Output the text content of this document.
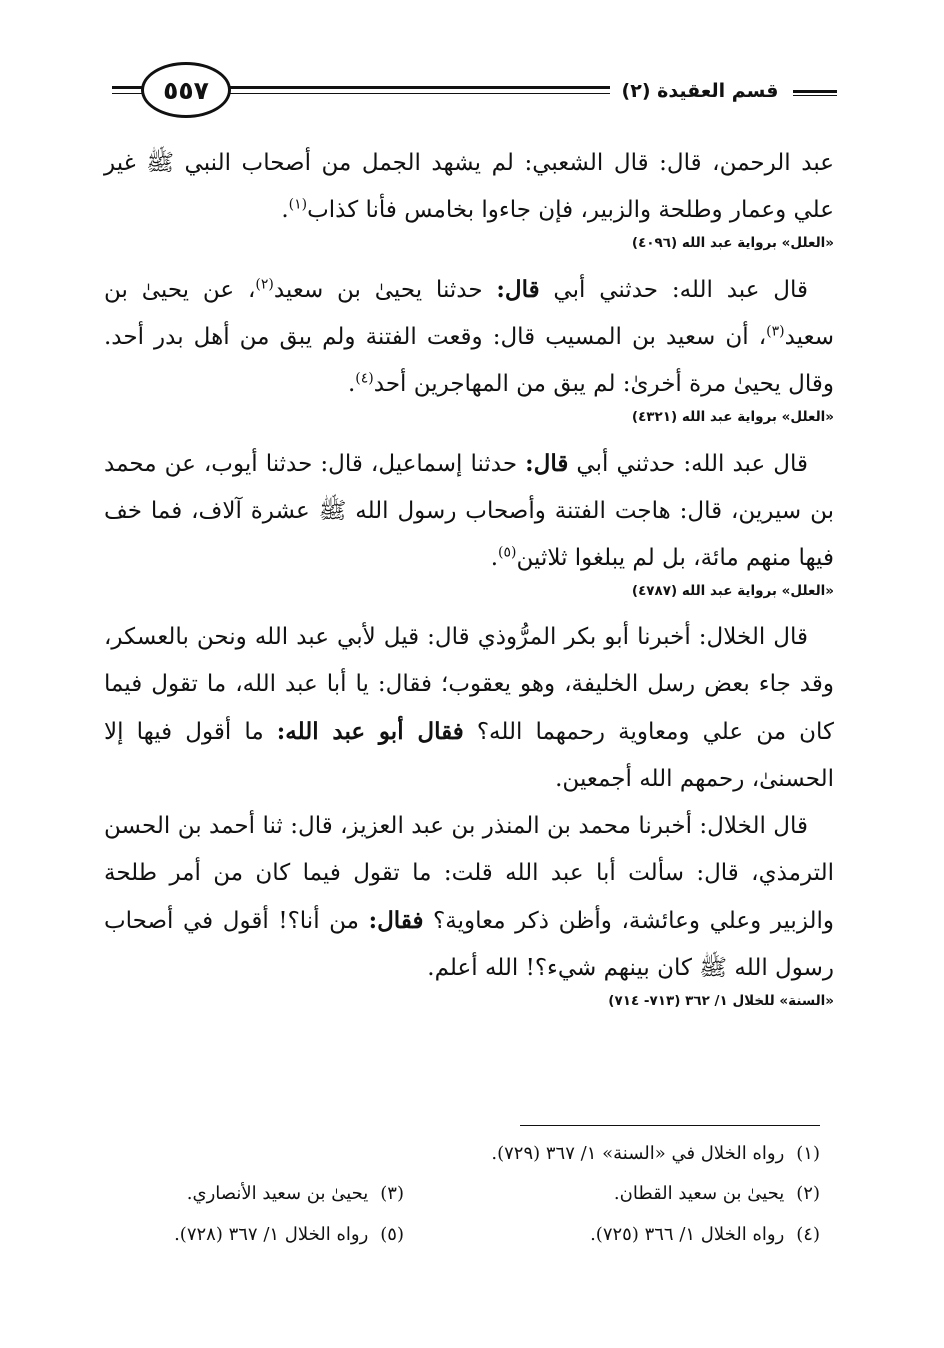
قسم العقيدة (٢)
٥٥٧

عبد الرحمن، قال: قال الشعبي: لم يشهد الجمل من أصحاب النبي ﷺ غير علي وعمار وطلحة والزبير، فإن جاءوا بخامس فأنا كذاب$^{(١)}$.

«العلل» برواية عبد الله (٤٠٩٦)

قال عبد الله: حدثني أبي قال: حدثنا يحيىٰ بن سعيد$^{(٢)}$، عن يحيىٰ بن سعيد$^{(٣)}$، أن سعيد بن المسيب قال: وقعت الفتنة ولم يبق من أهل بدر أحد. وقال يحيىٰ مرة أخرىٰ: لم يبق من المهاجرين أحد$^{(٤)}$.

«العلل» برواية عبد الله (٤٣٢١)

قال عبد الله: حدثني أبي قال: حدثنا إسماعيل، قال: حدثنا أيوب، عن محمد بن سيرين، قال: هاجت الفتنة وأصحاب رسول الله ﷺ عشرة آلاف، فما خف فيها منهم مائة، بل لم يبلغوا ثلاثين$^{(٥)}$.

«العلل» برواية عبد الله (٤٧٨٧)

قال الخلال: أخبرنا أبو بكر المرُّوذي قال: قيل لأبي عبد الله ونحن بالعسكر، وقد جاء بعض رسل الخليفة، وهو يعقوب؛ فقال: يا أبا عبد الله، ما تقول فيما كان من علي ومعاوية رحمهما الله؟ فقال أبو عبد الله: ما أقول فيها إلا الحسنىٰ، رحمهم الله أجمعين.

قال الخلال: أخبرنا محمد بن المنذر بن عبد العزيز، قال: ثنا أحمد بن الحسن الترمذي، قال: سألت أبا عبد الله قلت: ما تقول فيما كان من أمر طلحة والزبير وعلي وعائشة، وأظن ذكر معاوية؟ فقال: من أنا؟! أقول في أصحاب رسول الله ﷺ كان بينهم شيء؟! الله أعلم.

«السنة» للخلال ١/ ٣٦٢ (٧١٣- ٧١٤)
(١)رواه الخلال في «السنة» ١/ ٣٦٧ (٧٢٩).
(٢)يحيىٰ بن سعيد القطان.
(٣)يحيىٰ بن سعيد الأنصاري.
(٤)رواه الخلال ١/ ٣٦٦ (٧٢٥).
(٥)رواه الخلال ١/ ٣٦٧ (٧٢٨).
